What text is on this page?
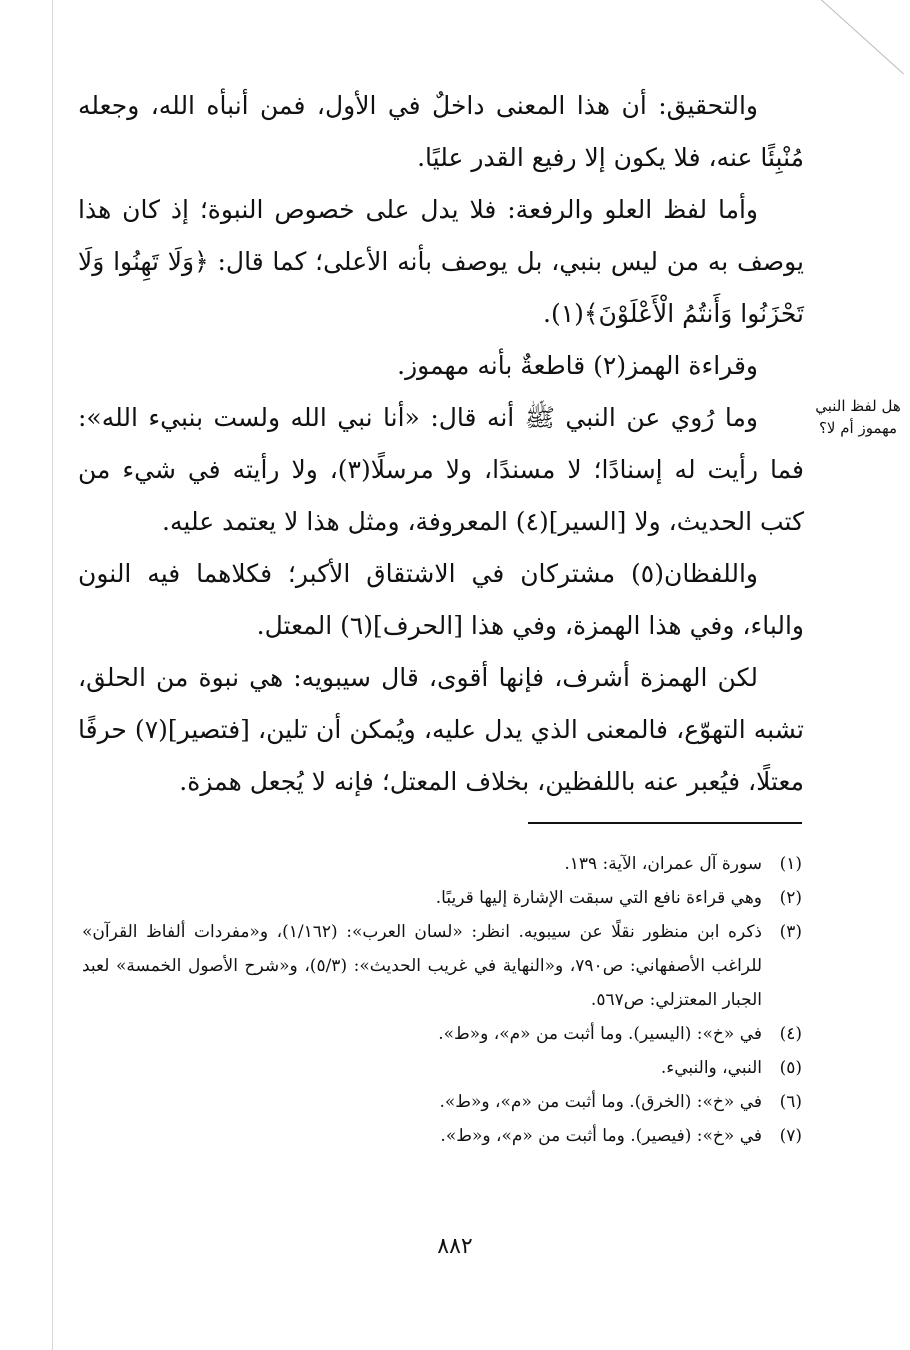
والتحقيق: أن هذا المعنى داخلٌ في الأول، فمن أنبأه الله، وجعله مُنْبِئًا عنه، فلا يكون إلا رفيع القدر عليًا.

وأما لفظ العلو والرفعة: فلا يدل على خصوص النبوة؛ إذ كان هذا يوصف به من ليس بنبي، بل يوصف بأنه الأعلى؛ كما قال: ﴿وَلَا تَهِنُوا وَلَا تَحْزَنُوا وَأَنتُمُ الْأَعْلَوْنَ﴾(١).

وقراءة الهمز(٢) قاطعةٌ بأنه مهموز.

وما رُوي عن النبي ﷺ أنه قال: «أنا نبي الله ولست بنبيء الله»: فما رأيت له إسنادًا؛ لا مسندًا، ولا مرسلًا(٣)، ولا رأيته في شيء من كتب الحديث، ولا [السير](٤) المعروفة، ومثل هذا لا يعتمد عليه.

واللفظان(٥) مشتركان في الاشتقاق الأكبر؛ فكلاهما فيه النون والباء، وفي هذا الهمزة، وفي هذا [الحرف](٦) المعتل.

لكن الهمزة أشرف، فإنها أقوى، قال سيبويه: هي نبوة من الحلق، تشبه التهوّع، فالمعنى الذي يدل عليه، ويُمكن أن تلين، [فتصير](٧) حرفًا معتلًا، فيُعبر عنه باللفظين، بخلاف المعتل؛ فإنه لا يُجعل همزة.

هل لفظ النبي مهموز أم لا؟
(١)
سورة آل عمران، الآية: ١٣٩.
(٢)
وهي قراءة نافع التي سبقت الإشارة إليها قريبًا.
(٣)
ذكره ابن منظور نقلًا عن سيبويه. انظر: «لسان العرب»: (١/١٦٢)، و«مفردات ألفاظ القرآن» للراغب الأصفهاني: ص٧٩٠، و«النهاية في غريب الحديث»: (٥/٣)، و«شرح الأصول الخمسة» لعبد الجبار المعتزلي: ص٥٦٧.
(٤)
في «خ»: (اليسير). وما أثبت من «م»، و«ط».
(٥)
النبي، والنبيء.
(٦)
في «خ»: (الخرق). وما أثبت من «م»، و«ط».
(٧)
في «خ»: (فيصير). وما أثبت من «م»، و«ط».
٨٨٢
